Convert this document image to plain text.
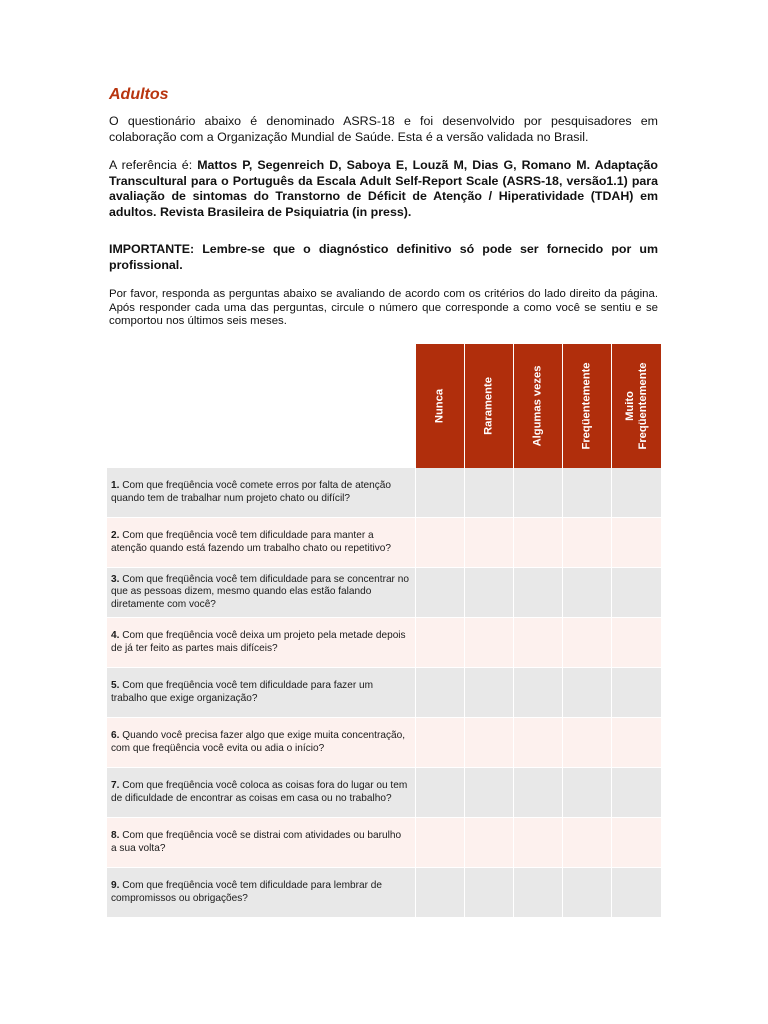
Adultos

O questionário abaixo é denominado ASRS-18 e foi desenvolvido por pesquisadores em colaboração com a Organização Mundial de Saúde. Esta é a versão validada no Brasil.

A referência é: Mattos P, Segenreich D, Saboya E, Louzã M, Dias G, Romano M. Adaptação Transcultural para o Português da Escala Adult Self-Report Scale (ASRS-18, versão1.1) para avaliação de sintomas do Transtorno de Déficit de Atenção / Hiperatividade (TDAH) em adultos. Revista Brasileira de Psiquiatria (in press).

IMPORTANTE: Lembre-se que o diagnóstico definitivo só pode ser fornecido por um profissional.

Por favor, responda as perguntas abaixo se avaliando de acordo com os critérios do lado direito da página. Após responder cada uma das perguntas, circule o número que corresponde a como você se sentiu e se comportou nos últimos seis meses.

	Nunca	Raramente	Algumas vezes	Freqüentemente	Muito Freqüentemente

1. Com que freqüência você comete erros por falta de atenção quando tem de trabalhar num projeto chato ou difícil?					
2. Com que freqüência você tem dificuldade para manter a atenção quando está fazendo um trabalho chato ou repetitivo?					
3. Com que freqüência você tem dificuldade para se concentrar no que as pessoas dizem, mesmo quando elas estão falando diretamente com você?					
4. Com que freqüência você deixa um projeto pela metade depois de já ter feito as partes mais difíceis?					
5. Com que freqüência você tem dificuldade para fazer um trabalho que exige organização?					
6. Quando você precisa fazer algo que exige muita concentração, com que freqüência você evita ou adia o início?					
7. Com que freqüência você coloca as coisas fora do lugar ou tem de dificuldade de encontrar as coisas em casa ou no trabalho?					
8. Com que freqüência você se distrai com atividades ou barulho a sua volta?					
9. Com que freqüência você tem dificuldade para lembrar de compromissos ou obrigações?					
